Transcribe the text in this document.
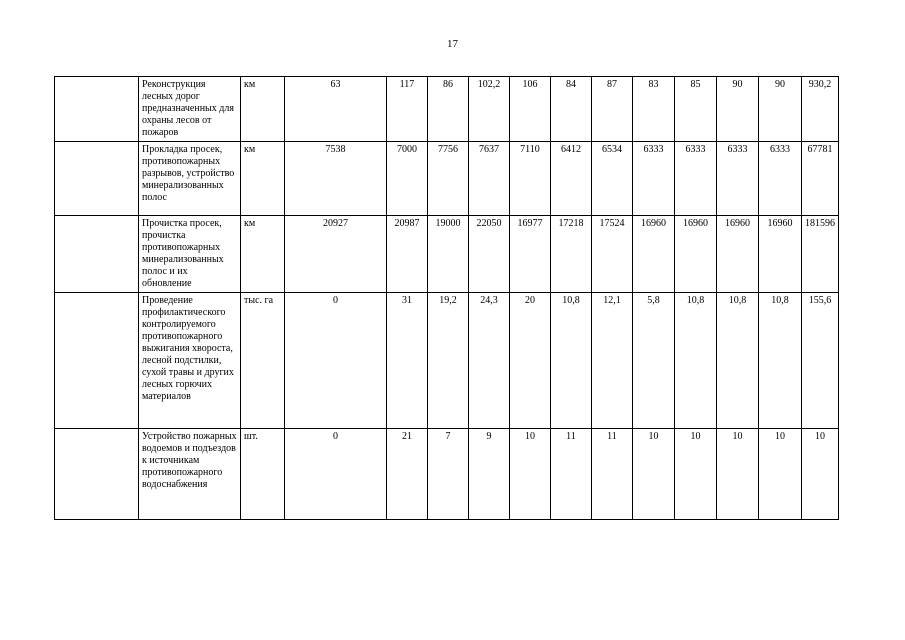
17
	Реконструкция лесных дорог предназначенных для охраны лесов от пожаров	км	63	117	86	102,2	106	84	87	83	85	90	90	930,2
	Прокладка просек, противопожарных разрывов, устройство минерализованных полос	км	7538	7000	7756	7637	7110	6412	6534	6333	6333	6333	6333	67781
	Прочистка просек, прочистка противопожарных минерализованных полос и их обновление	км	20927	20987	19000	22050	16977	17218	17524	16960	16960	16960	16960	181596
	Проведение профилактического контролируемого противопожарного выжигания хвороста, лесной подстилки, сухой травы и других лесных горючих материалов	тыс. га	0	31	19,2	24,3	20	10,8	12,1	5,8	10,8	10,8	10,8	155,6
	Устройство пожарных водоемов и подъездов к источникам противопожарного водоснабжения	шт.	0	21	7	9	10	11	11	10	10	10	10	10
